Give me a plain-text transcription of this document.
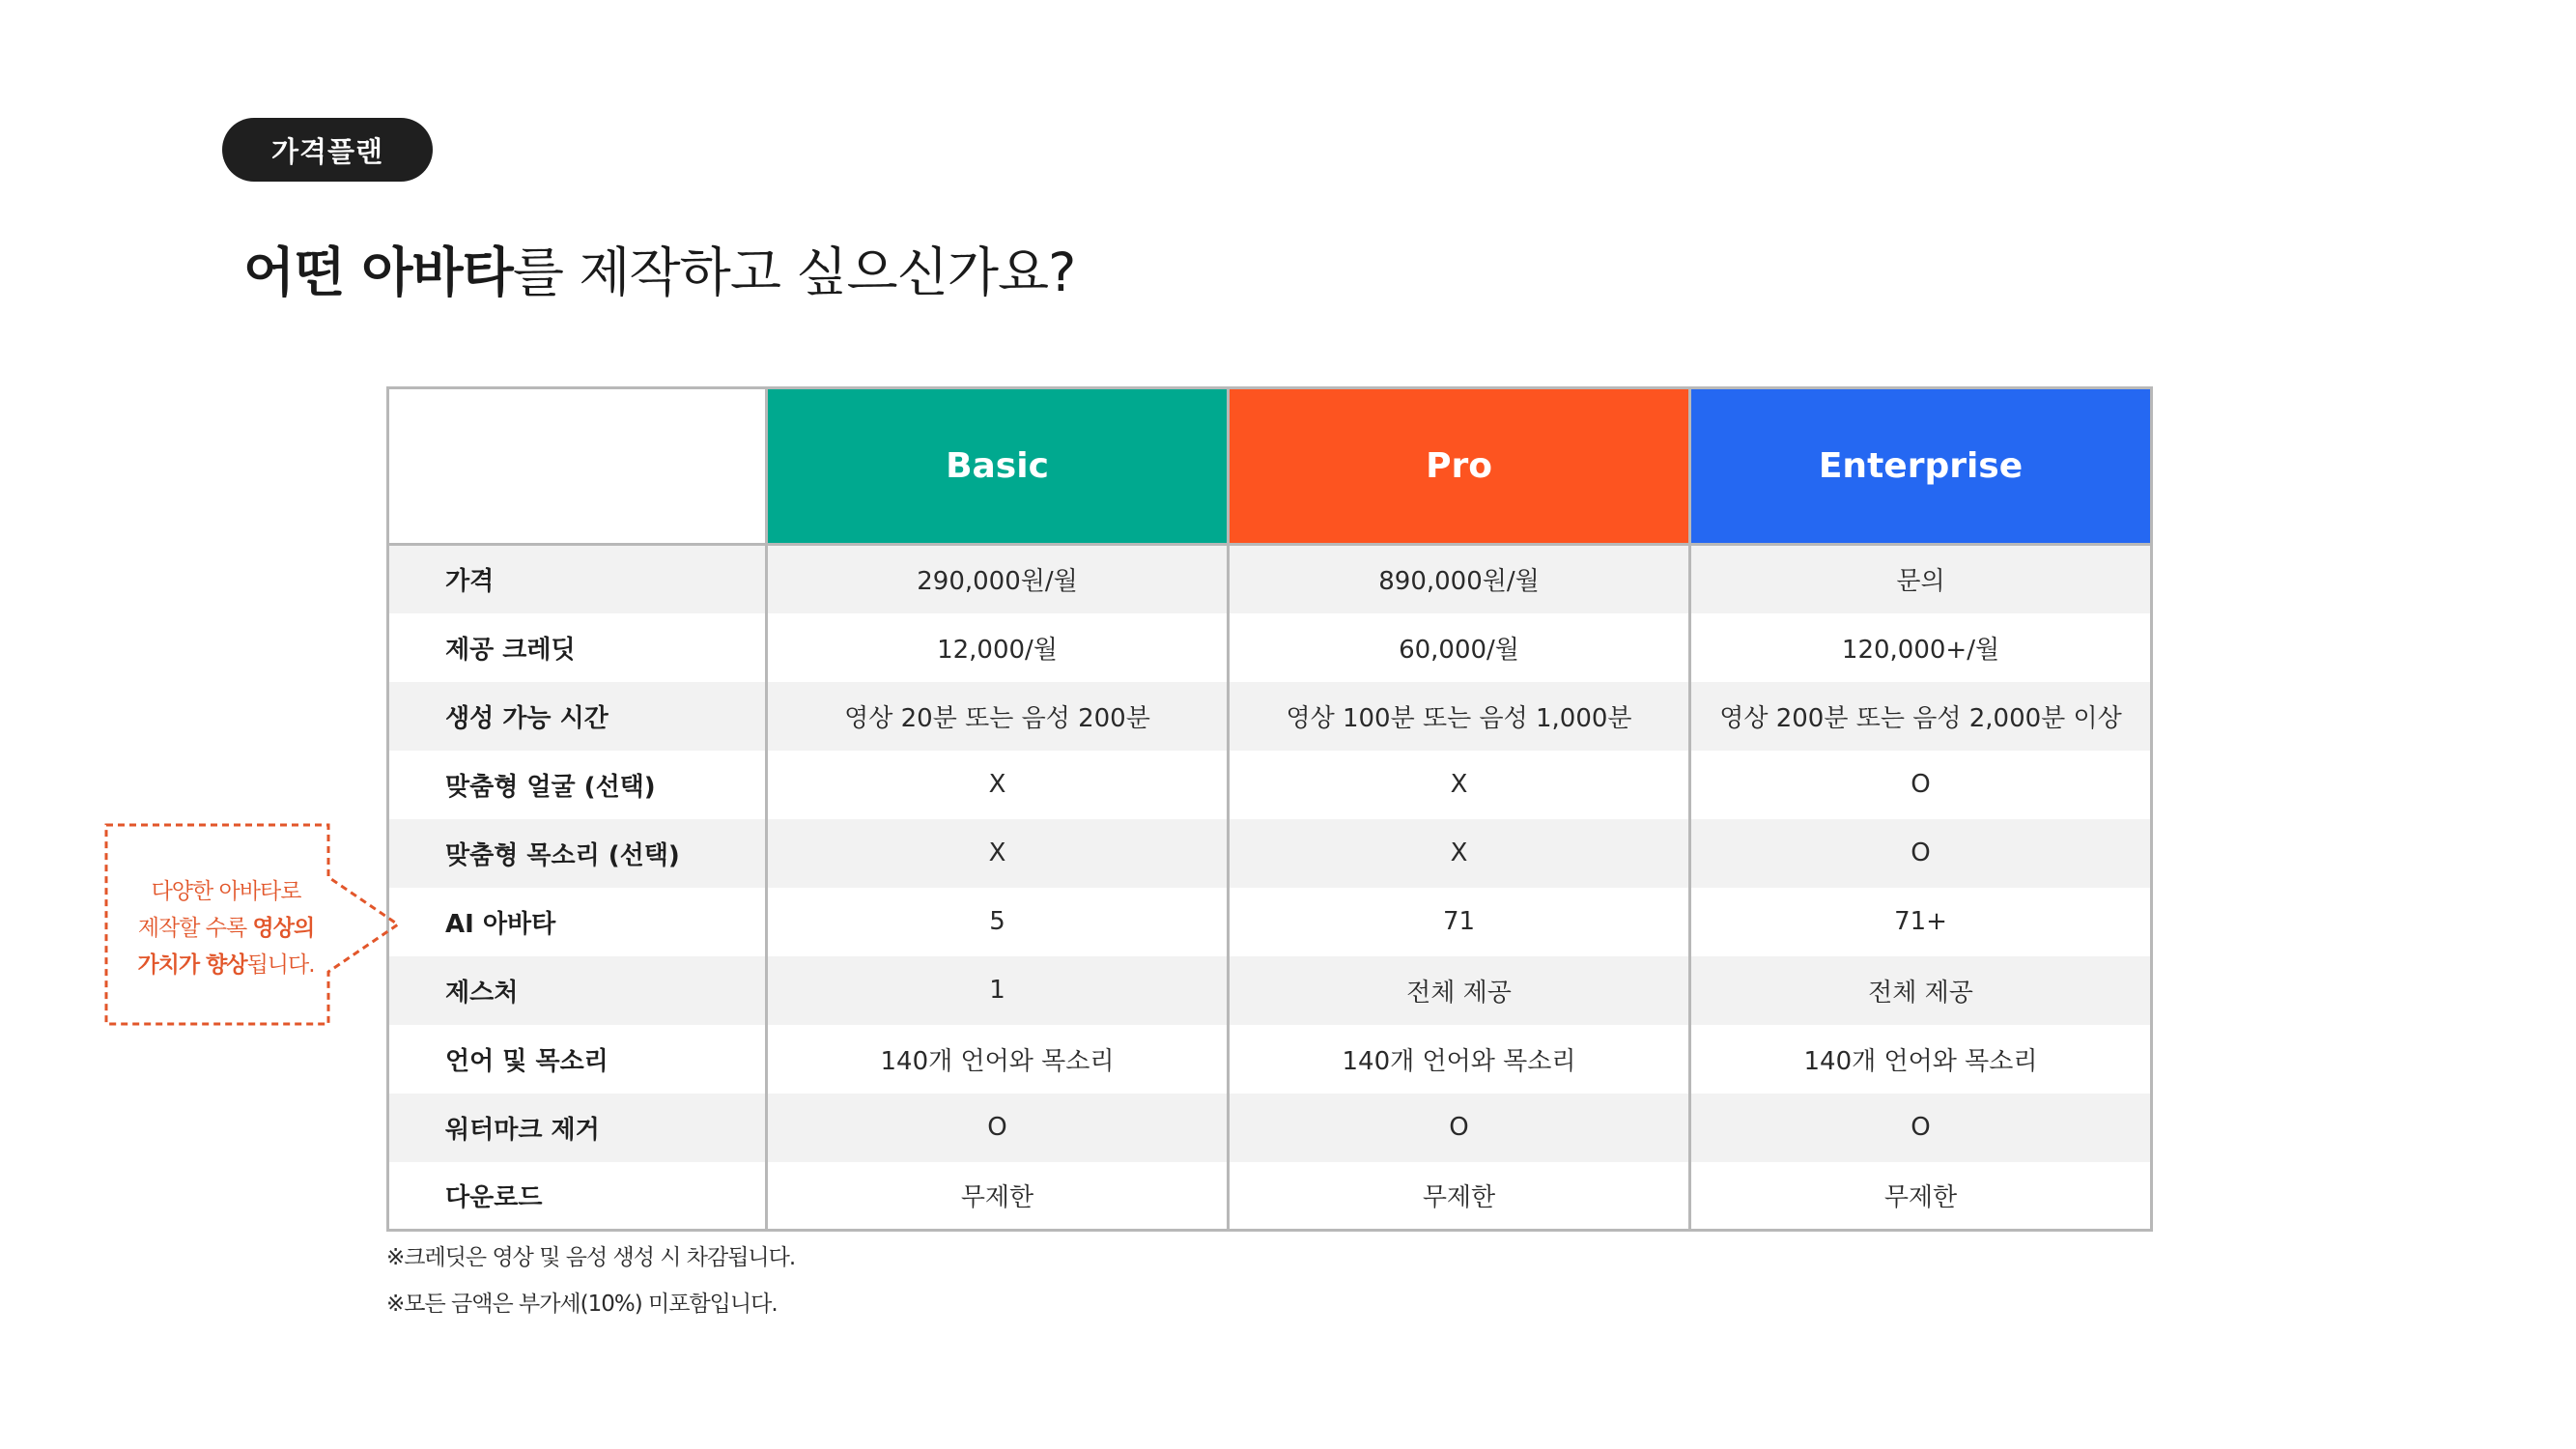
가격플랜
어떤 아바타를 제작하고 싶으신가요?
	Basic	Pro	Enterprise
가격	290,000원/월	890,000원/월	문의
제공 크레딧	12,000/월	60,000/월	120,000+/월
생성 가능 시간	영상 20분 또는 음성 200분	영상 100분 또는 음성 1,000분	영상 200분 또는 음성 2,000분 이상
맞춤형 얼굴 (선택)	X	X	O
맞춤형 목소리 (선택)	X	X	O
AI 아바타	5	71	71+
제스처	1	전체 제공	전체 제공
언어 및 목소리	140개 언어와 목소리	140개 언어와 목소리	140개 언어와 목소리
워터마크 제거	O	O	O
다운로드	무제한	무제한	무제한
※크레딧은 영상 및 음성 생성 시 차감됩니다.
※모든 금액은 부가세(10%) 미포함입니다.
다양한 아바타로
제작할 수록 영상의
가치가 향상됩니다.
